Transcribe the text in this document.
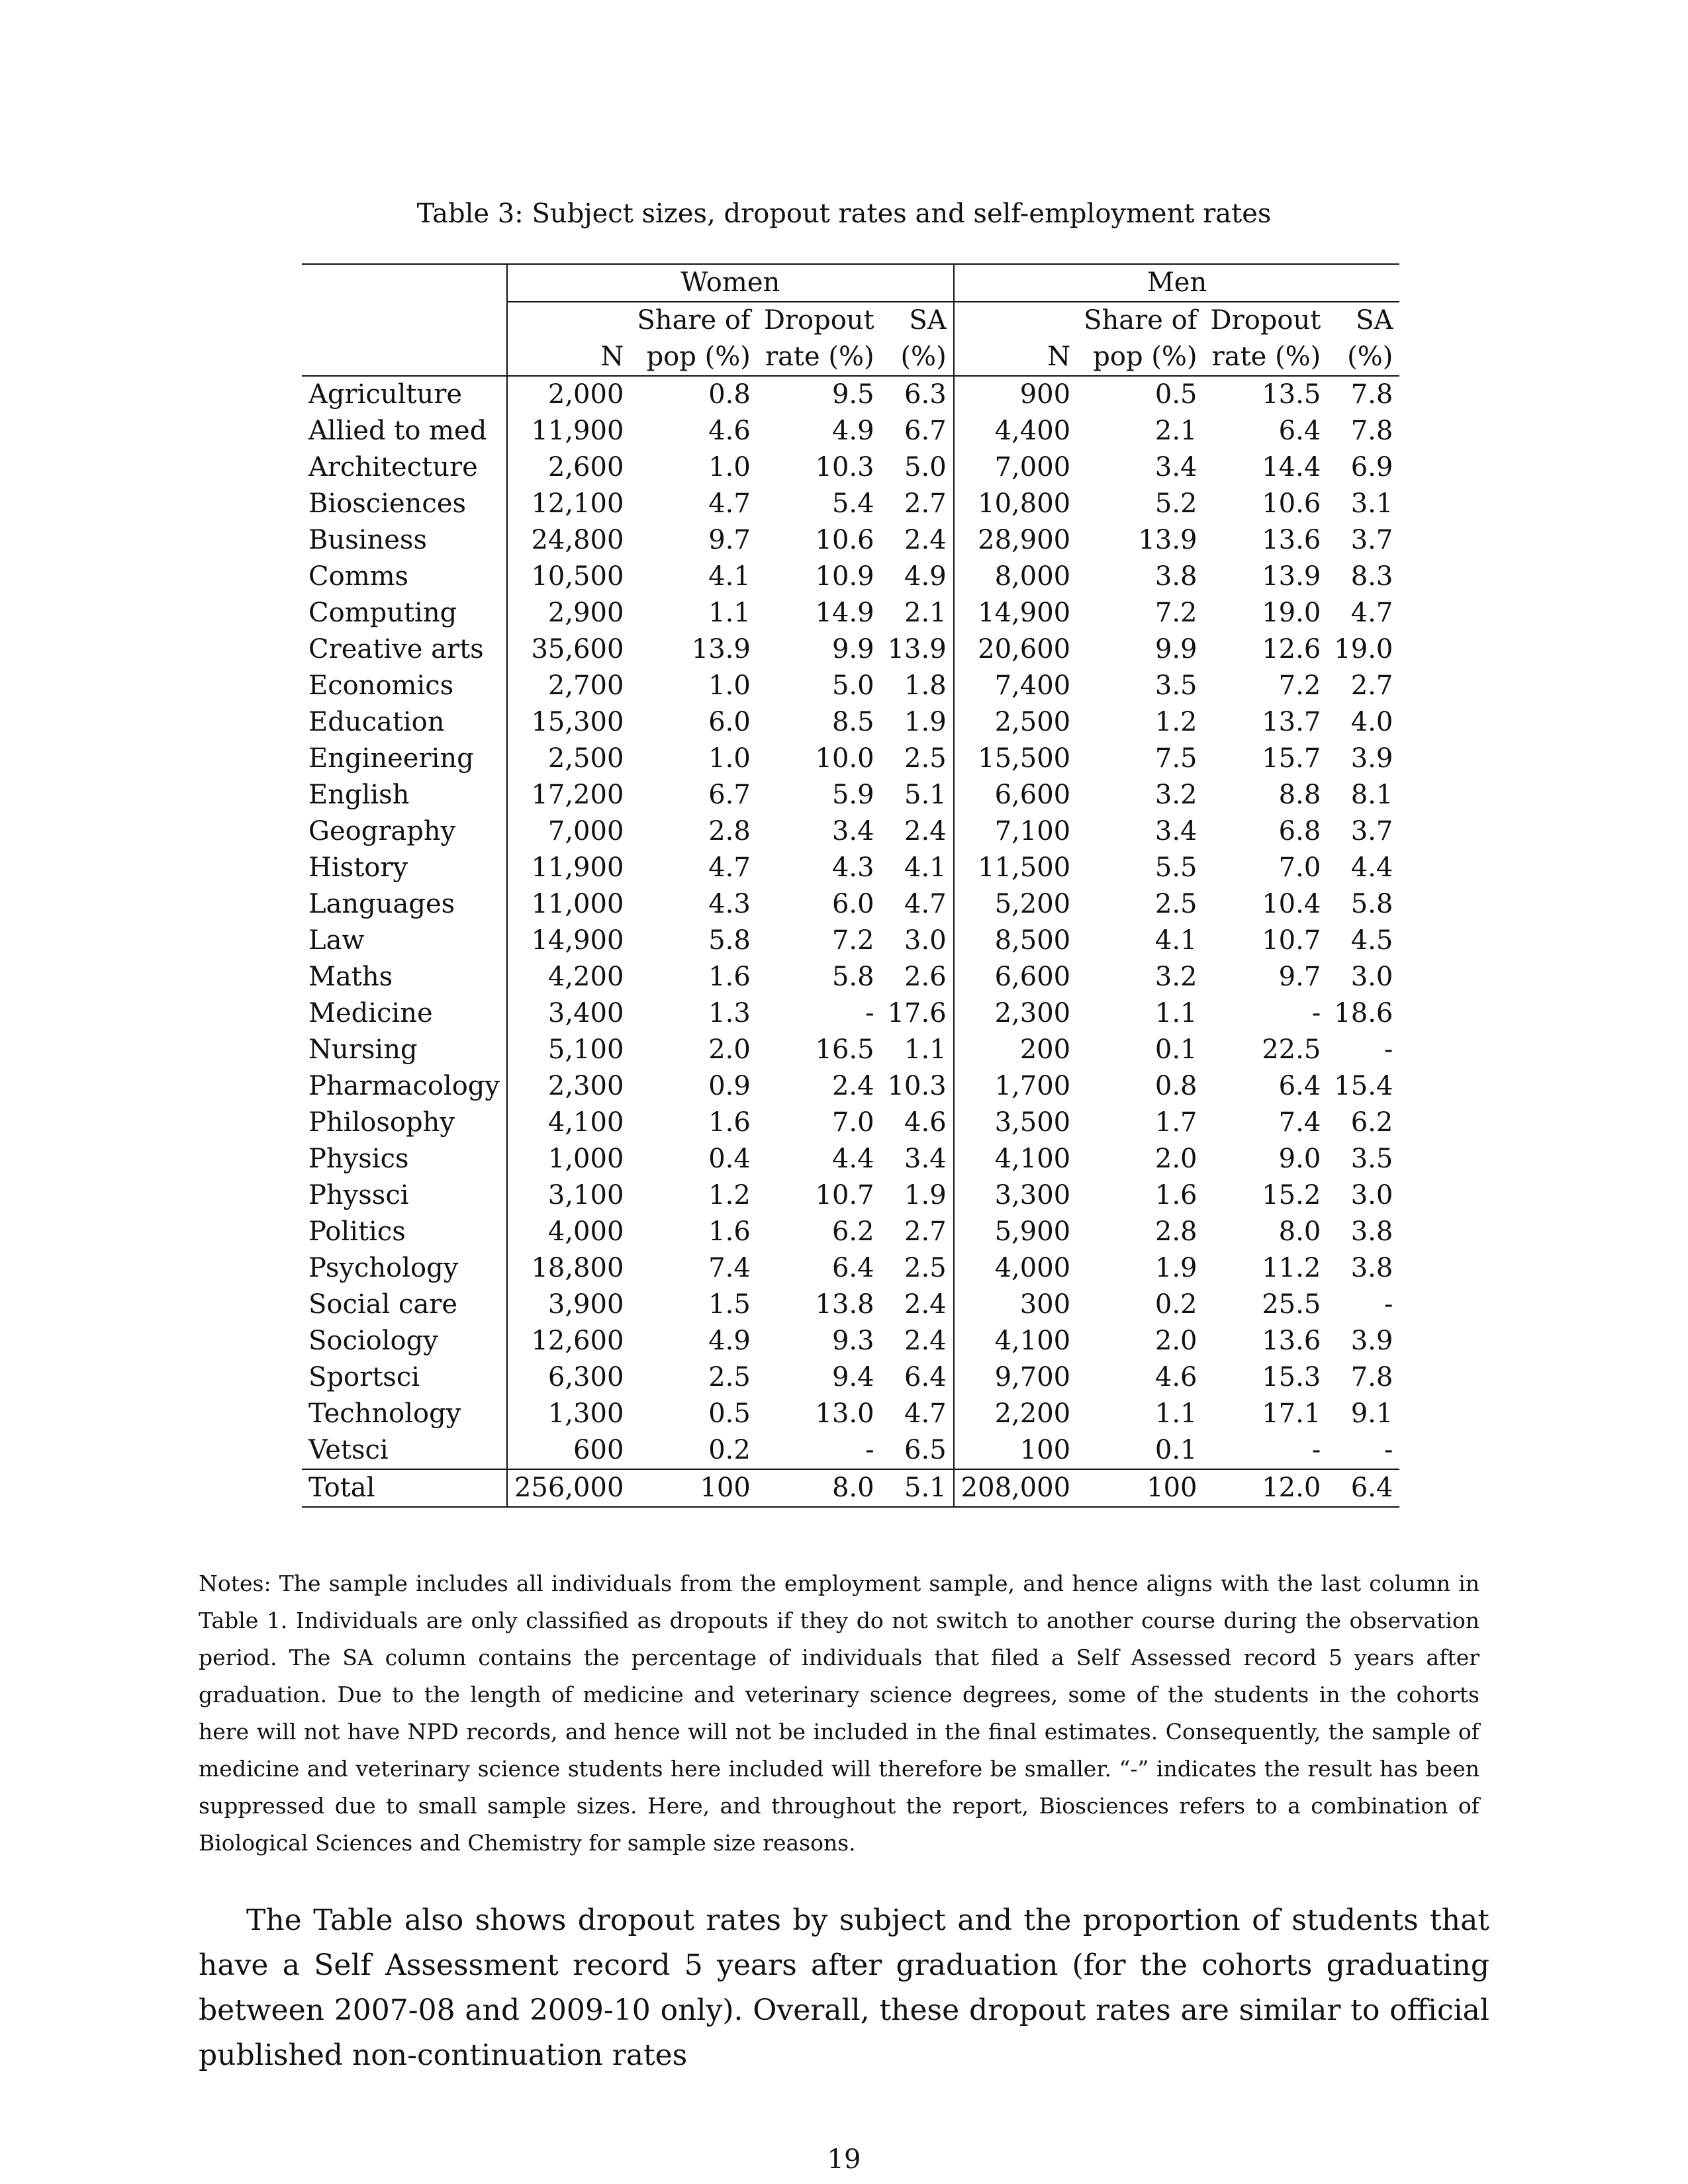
Table 3: Subject sizes, dropout rates and self-employment rates
	Women				Men			
		Share of	Dropout	SA		Share of	Dropout	SA
	N	pop (%)	rate (%)	(%)	N	pop (%)	rate (%)	(%)
Agriculture	2,000	0.8	9.5	6.3	900	0.5	13.5	7.8
Allied to med	11,900	4.6	4.9	6.7	4,400	2.1	6.4	7.8
Architecture	2,600	1.0	10.3	5.0	7,000	3.4	14.4	6.9
Biosciences	12,100	4.7	5.4	2.7	10,800	5.2	10.6	3.1
Business	24,800	9.7	10.6	2.4	28,900	13.9	13.6	3.7
Comms	10,500	4.1	10.9	4.9	8,000	3.8	13.9	8.3
Computing	2,900	1.1	14.9	2.1	14,900	7.2	19.0	4.7
Creative arts	35,600	13.9	9.9	13.9	20,600	9.9	12.6	19.0
Economics	2,700	1.0	5.0	1.8	7,400	3.5	7.2	2.7
Education	15,300	6.0	8.5	1.9	2,500	1.2	13.7	4.0
Engineering	2,500	1.0	10.0	2.5	15,500	7.5	15.7	3.9
English	17,200	6.7	5.9	5.1	6,600	3.2	8.8	8.1
Geography	7,000	2.8	3.4	2.4	7,100	3.4	6.8	3.7
History	11,900	4.7	4.3	4.1	11,500	5.5	7.0	4.4
Languages	11,000	4.3	6.0	4.7	5,200	2.5	10.4	5.8
Law	14,900	5.8	7.2	3.0	8,500	4.1	10.7	4.5
Maths	4,200	1.6	5.8	2.6	6,600	3.2	9.7	3.0
Medicine	3,400	1.3	-	17.6	2,300	1.1	-	18.6
Nursing	5,100	2.0	16.5	1.1	200	0.1	22.5	-
Pharmacology	2,300	0.9	2.4	10.3	1,700	0.8	6.4	15.4
Philosophy	4,100	1.6	7.0	4.6	3,500	1.7	7.4	6.2
Physics	1,000	0.4	4.4	3.4	4,100	2.0	9.0	3.5
Physsci	3,100	1.2	10.7	1.9	3,300	1.6	15.2	3.0
Politics	4,000	1.6	6.2	2.7	5,900	2.8	8.0	3.8
Psychology	18,800	7.4	6.4	2.5	4,000	1.9	11.2	3.8
Social care	3,900	1.5	13.8	2.4	300	0.2	25.5	-
Sociology	12,600	4.9	9.3	2.4	4,100	2.0	13.6	3.9
Sportsci	6,300	2.5	9.4	6.4	9,700	4.6	15.3	7.8
Technology	1,300	0.5	13.0	4.7	2,200	1.1	17.1	9.1
Vetsci	600	0.2	-	6.5	100	0.1	-	-
Total	256,000	100	8.0	5.1	208,000	100	12.0	6.4
Notes: The sample includes all individuals from the employment sample, and hence aligns with the last column in Table 1. Individuals are only classified as dropouts if they do not switch to another course during the observation period. The SA column contains the percentage of individuals that filed a Self Assessed record 5 years after graduation. Due to the length of medicine and veterinary science degrees, some of the students in the cohorts here will not have NPD records, and hence will not be included in the final estimates. Consequently, the sample of medicine and veterinary science students here included will therefore be smaller. “-” indicates the result has been suppressed due to small sample sizes. Here, and throughout the report, Biosciences refers to a combination of Biological Sciences and Chemistry for sample size reasons.
The Table also shows dropout rates by subject and the proportion of students that have a Self Assessment record 5 years after graduation (for the cohorts graduating between 2007-08 and 2009-10 only). Overall, these dropout rates are similar to official published non-continuation rates
19
